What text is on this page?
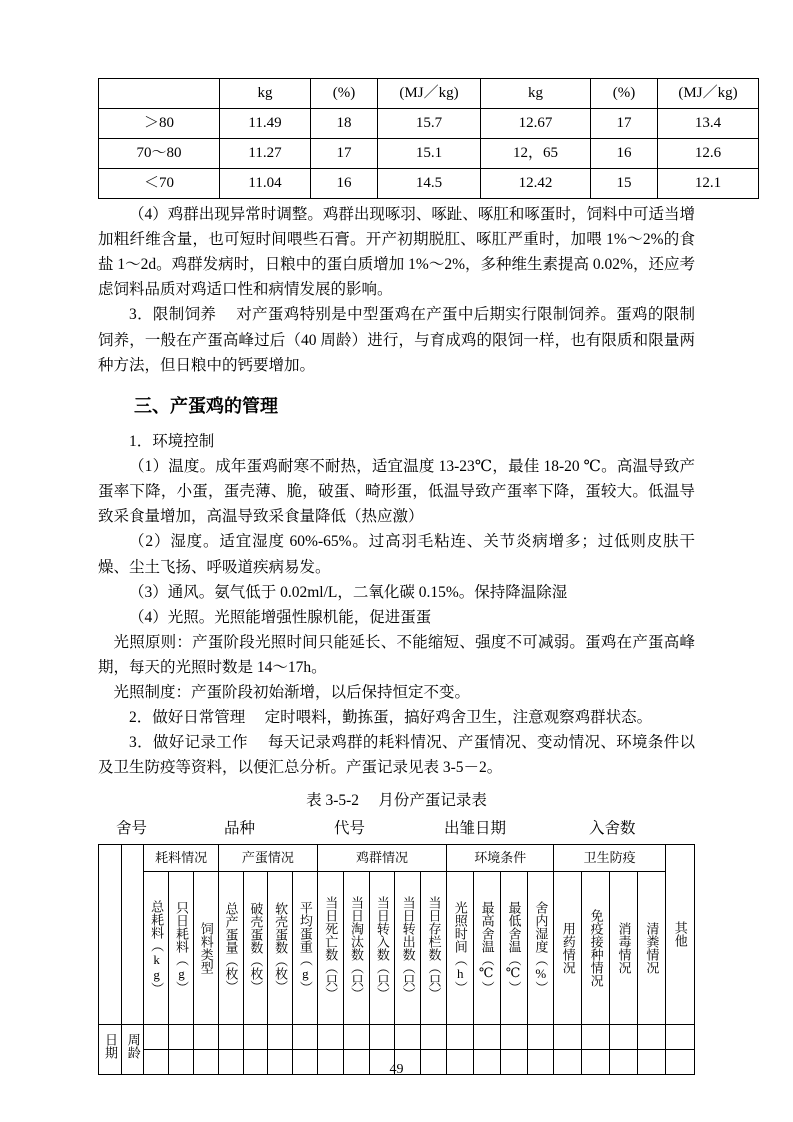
	kg	(%)	(MJ／kg)	kg	(%)	(MJ／kg)
＞80	11.49	18	15.7	12.67	17	13.4
70～80	11.27	17	15.1	12，65	16	12.6
＜70	11.04	16	14.5	12.42	15	12.1

（4）鸡群出现异常时调整。鸡群出现啄羽、啄趾、啄肛和啄蛋时，饲料中可适当增加粗纤维含量，也可短时间喂些石膏。开产初期脱肛、啄肛严重时，加喂 1%～2%的食盐 1～2d。鸡群发病时，日粮中的蛋白质增加 1%～2%，多种维生素提高 0.02%，还应考虑饲料品质对鸡适口性和病情发展的影响。

3．限制饲养　 对产蛋鸡特别是中型蛋鸡在产蛋中后期实行限制饲养。蛋鸡的限制饲养，一般在产蛋高峰过后（40 周龄）进行，与育成鸡的限饲一样，也有限质和限量两种方法，但日粮中的钙要增加。

三、产蛋鸡的管理

1．环境控制

（1）温度。成年蛋鸡耐寒不耐热，适宜温度 13-23℃，最佳 18-20 ℃。高温导致产蛋率下降，小蛋，蛋壳薄、脆，破蛋、畸形蛋，低温导致产蛋率下降，蛋较大。低温导致采食量增加，高温导致采食量降低（热应激）

（2）湿度。适宜湿度 60%-65%。过高羽毛粘连、关节炎病增多；过低则皮肤干燥、尘土飞扬、呼吸道疾病易发。

（3）通风。氨气低于 0.02ml/L，二氧化碳 0.15%。保持降温除湿

（4）光照。光照能增强性腺机能，促进蛋蛋

光照原则：产蛋阶段光照时间只能延长、不能缩短、强度不可减弱。蛋鸡在产蛋高峰期，每天的光照时数是 14～17h。

光照制度：产蛋阶段初始渐增，以后保持恒定不变。

2．做好日常管理　 定时喂料，勤拣蛋，搞好鸡舍卫生，注意观察鸡群状态。

3．做好记录工作　 每天记录鸡群的耗料情况、产蛋情况、变动情况、环境条件以及卫生防疫等资料，以便汇总分析。产蛋记录见表 3-5－2。

表 3-5-2　 月份产蛋记录表
舍号	品种	代号	出雏日期	入舍数
		耗料情况			产蛋情况				鸡群情况					环境条件				卫生防疫				其他
		总耗料（kg）	只日耗料（g）	饲料类型	总产蛋量（枚）	破壳蛋数（枚）	软壳蛋数（枚）	平均蛋重（g）	当日死亡数（只）	当日淘汰数（只）	当日转入数（只）	当日转出数（只）	当日存栏数（只）	光照时间（h）	最高舍温（℃）	最低舍温（℃）	舍内湿度（%）	用药情况	免疫接种情况	消毒情况	清粪情况	
日期	周龄																					

49
